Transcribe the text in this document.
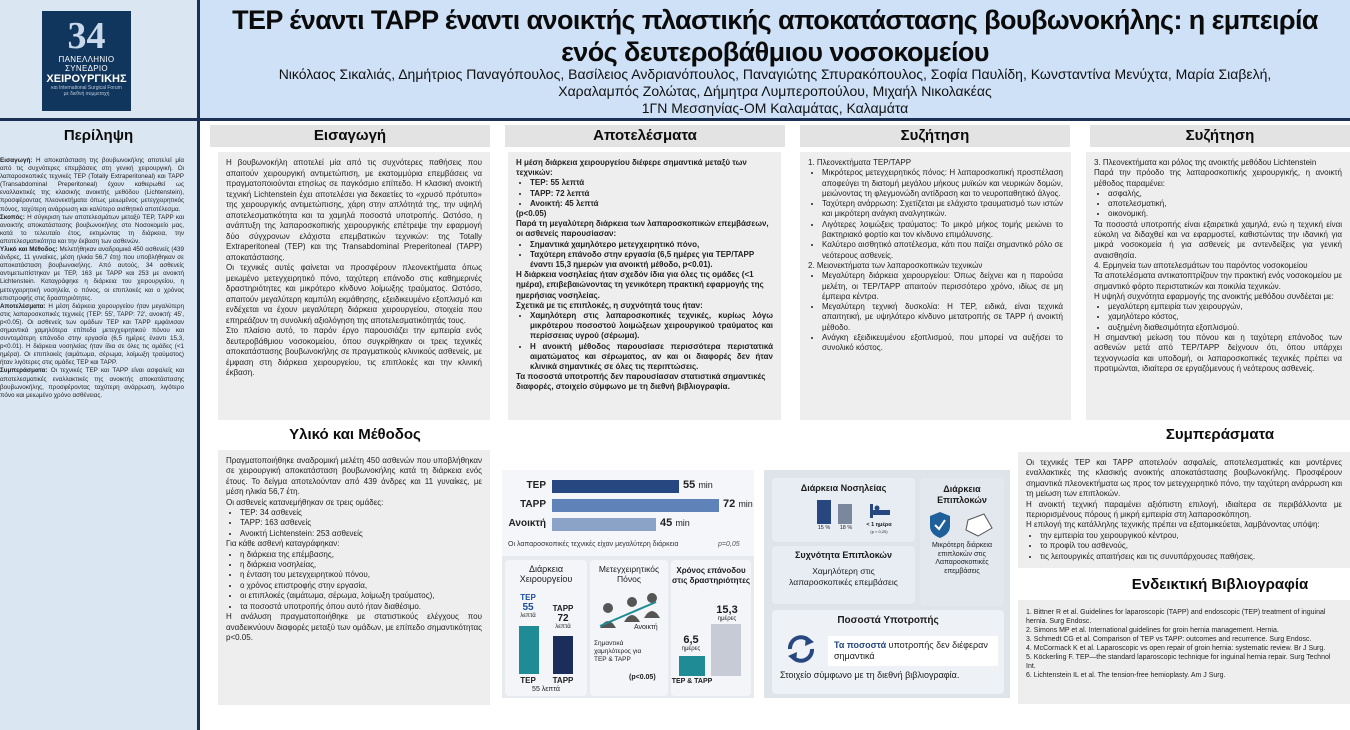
34
ΠΑΝΕΛΛΗΝΙΟ
ΣΥΝΕΔΡΙΟ
ΧΕΙΡΟΥΡΓΙΚΗΣ
και International Surgical Forum
με διεθνή συμμετοχή
TEP έναντι TAPP έναντι ανοικτής πλαστικής αποκατάστασης βουβωνοκήλης: η εμπειρία
ενός δευτεροβάθμιου νοσοκομείου
Νικόλαος Σικαλιάς, Δημήτριος Παναγόπουλος, Βασίλειος Ανδριανόπουλος, Παναγιώτης Σπυρακόπουλος, Σοφία Παυλίδη, Κωνσταντίνα Μενύχτα, Μαρία Σιαβελή,
Χαραλαμπός Ζολώτας, Δήμητρα Λυμπεροπούλου, Μιχαήλ Νικολακέας
1ΓΝ Μεσσηνίας-ΟΜ Καλαμάτας, Καλαμάτα
Περίληψη

Εισαγωγή: Η αποκατάσταση της βουβωνοκήλης αποτελεί μία από τις συχνότερες επεμβάσεις στη γενική χειρουργική. Οι λαπαροσκοπικές τεχνικές TEP (Totally Extraperitoneal) και TAPP (Transabdominal Preperitoneal) έχουν καθιερωθεί ως εναλλακτικές της κλασικής ανοικτής μεθόδου (Lichtenstein), προσφέροντας πλεονεκτήματα όπως μειωμένος μετεγχειρητικός πόνος, ταχύτερη ανάρρωση και καλύτερο αισθητικό αποτέλεσμα.

Σκοπός: Η σύγκριση των αποτελεσμάτων μεταξύ TEP, TAPP και ανοικτής αποκατάστασης βουβωνοκήλης στο Νοσοκομείο μας, κατά το τελευταίο έτος, εκτιμώντας τη διάρκεια, την αποτελεσματικότητα και την έκβαση των ασθενών.

Υλικό και Μέθοδος: Μελετήθηκαν αναδρομικά 450 ασθενείς (439 άνδρες, 11 γυναίκες, μέση ηλικία 56,7 έτη) που υποβλήθηκαν σε αποκατάσταση βουβωνοκήλης. Από αυτούς, 34 ασθενείς αντιμετωπίστηκαν με TEP, 163 με TAPP και 253 με ανοικτή Lichtenstein. Καταγράφηκε η διάρκεια του χειρουργείου, η μετεγχειρητική νοσηλεία, ο πόνος, οι επιπλοκές και ο χρόνος επιστροφής στις δραστηριότητες.

Αποτελέσματα: Η μέση διάρκεια χειρουργείου ήταν μεγαλύτερη στις λαπαροσκοπικές τεχνικές (TEP: 55', TAPP: 72', ανοικτή: 45', p<0.05). Οι ασθενείς των ομάδων TEP και TAPP εμφάνισαν σημαντικά χαμηλότερα επίπεδα μετεγχειρητικού πόνου και συντομότερη επάνοδο στην εργασία (6,5 ημέρες έναντι 15,3, p<0.01). Η διάρκεια νοσηλείας ήταν ίδια σε όλες τις ομάδες (<1 ημέρα). Οι επιπλοκές (αιμάτωμα, σέρωμα, λοίμωξη τραύματος) ήταν λιγότερες στις ομάδες TEP και TAPP.

Συμπεράσματα: Οι τεχνικές TEP και TAPP είναι ασφαλείς και αποτελεσματικές εναλλακτικές της ανοικτής αποκατάστασης βουβωνοκήλης, προσφέροντας ταχύτερη ανάρρωση, λιγότερο πόνο και μειωμένο χρόνο ασθένειας.

Εισαγωγή	Αποτελέσματα	Συζήτηση	Συζήτηση

Η βουβωνοκήλη αποτελεί μία από τις συχνότερες παθήσεις που απαιτούν χειρουργική αντιμετώπιση, με εκατομμύρια επεμβάσεις να πραγματοποιούνται ετησίως σε παγκόσμιο επίπεδο. Η κλασική ανοικτή τεχνική Lichtenstein έχει αποτελέσει για δεκαετίες το «χρυσό πρότυπο» της χειρουργικής αντιμετώπισης, χάρη στην απλότητά της, την υψηλή αποτελεσματικότητα και τα χαμηλά ποσοστά υποτροπής. Ωστόσο, η ανάπτυξη της λαπαροσκοπικής χειρουργικής επέτρεψε την εφαρμογή δύο σύγχρονων ελάχιστα επεμβατικών τεχνικών: της Totally Extraperitoneal (TEP) και της Transabdominal Preperitoneal (TAPP) αποκατάστασης.

Οι τεχνικές αυτές φαίνεται να προσφέρουν πλεονεκτήματα όπως μειωμένο μετεγχειρητικό πόνο, ταχύτερη επάνοδο στις καθημερινές δραστηριότητες και μικρότερο κίνδυνο λοίμωξης τραύματος. Ωστόσο, απαιτούν μεγαλύτερη καμπύλη εκμάθησης, εξειδικευμένο εξοπλισμό και ενδέχεται να έχουν μεγαλύτερη διάρκεια χειρουργείου, στοιχεία που επηρεάζουν τη συνολική αξιολόγηση της αποτελεσματικότητάς τους.

Στο πλαίσιο αυτό, το παρόν έργο παρουσιάζει την εμπειρία ενός δευτεροβάθμιου νοσοκομείου, όπου συγκρίθηκαν οι τρεις τεχνικές αποκατάστασης βουβωνοκήλης σε πραγματικούς κλινικούς ασθενείς, με έμφαση στη διάρκεια χειρουργείου, τις επιπλοκές και την κλινική έκβαση.

Η μέση διάρκεια χειρουργείου διέφερε σημαντικά μεταξύ των τεχνικών:

• TEP: 55 λεπτά
• TAPP: 72 λεπτά
• Ανοικτή: 45 λεπτά

(p<0.05)

Παρά τη μεγαλύτερη διάρκεια των λαπαροσκοπικών επεμβάσεων, οι ασθενείς παρουσίασαν:

• Σημαντικά χαμηλότερο μετεγχειρητικό πόνο,
• Ταχύτερη επάνοδο στην εργασία (6,5 ημέρες για TEP/TAPP έναντι 15,3 ημερών για ανοικτή μέθοδο, p<0.01).

Η διάρκεια νοσηλείας ήταν σχεδόν ίδια για όλες τις ομάδες (<1 ημέρα), επιβεβαιώνοντας τη γενικότερη πρακτική εφαρμογής της ημερήσιας νοσηλείας.

Σχετικά με τις επιπλοκές, η συχνότητά τους ήταν:

• Χαμηλότερη στις λαπαροσκοπικές τεχνικές, κυρίως λόγω μικρότερου ποσοστού λοιμώξεων χειρουργικού τραύματος και περίσσειας υγρού (σέρωμα).
• Η ανοικτή μέθοδος παρουσίασε περισσότερα περιστατικά αιματώματος και σέρωματος, αν και οι διαφορές δεν ήταν κλινικά σημαντικές σε όλες τις περιπτώσεις.

Τα ποσοστά υποτροπής δεν παρουσίασαν στατιστικά σημαντικές διαφορές, στοιχείο σύμφωνο με τη διεθνή βιβλιογραφία.

1. Πλεονεκτήματα TEP/TAPP

• Μικρότερος μετεγχειρητικός πόνος: Η λαπαροσκοπική προσπέλαση αποφεύγει τη διατομή μεγάλου μήκους μυϊκών και νευρικών δομών, μειώνοντας τη φλεγμονώδη αντίδραση και το νευροπαθητικό άλγος.
• Ταχύτερη ανάρρωση: Σχετίζεται με ελάχιστο τραυματισμό των ιστών και μικρότερη ανάγκη αναλγητικών.
• Λιγότερες λοιμώξεις τραύματος: Το μικρό μήκος τομής μειώνει το βακτηριακό φορτίο και τον κίνδυνο επιμόλυνσης.
• Καλύτερο αισθητικό αποτέλεσμα, κάτι που παίζει σημαντικό ρόλο σε νεότερους ασθενείς.

2. Μειονεκτήματα των λαπαροσκοπικών τεχνικών

• Μεγαλύτερη διάρκεια χειρουργείου: Όπως δείχνει και η παρούσα μελέτη, οι TEP/TAPP απαιτούν περισσότερο χρόνο, ιδίως σε μη έμπειρα κέντρα.
• Μεγαλύτερη τεχνική δυσκολία: Η TEP, ειδικά, είναι τεχνικά απαιτητική, με υψηλότερο κίνδυνο μετατροπής σε TAPP ή ανοικτή μέθοδο.
• Ανάγκη εξειδικευμένου εξοπλισμού, που μπορεί να αυξήσει το συνολικό κόστος.

3. Πλεονεκτήματα και ρόλος της ανοικτής μεθόδου Lichtenstein

Παρά την πρόοδο της λαπαροσκοπικής χειρουργικής, η ανοικτή μέθοδος παραμένει:

• ασφαλής,
• αποτελεσματική,
• οικονομική.

Τα ποσοστά υποτροπής είναι εξαιρετικά χαμηλά, ενώ η τεχνική είναι εύκολη να διδαχθεί και να εφαρμοστεί, καθιστώντας την ιδανική για μικρά νοσοκομεία ή για ασθενείς με αντενδείξεις για γενική αναισθησία.

4. Ερμηνεία των αποτελεσμάτων του παρόντος νοσοκομείου

Τα αποτελέσματα αντικατοπτρίζουν την πρακτική ενός νοσοκομείου με σημαντικό φόρτο περιστατικών και ποικιλία τεχνικών.

Η υψηλή συχνότητα εφαρμογής της ανοικτής μεθόδου συνδέεται με:

• μεγαλύτερη εμπειρία των χειρουργών,
• χαμηλότερο κόστος,
• αυξημένη διαθεσιμότητα εξοπλισμού.

Η σημαντική μείωση του πόνου και η ταχύτερη επάνοδος των ασθενών μετά από TEP/TAPP δείχνουν ότι, όπου υπάρχει τεχνογνωσία και υποδομή, οι λαπαροσκοπικές τεχνικές πρέπει να προτιμώνται, ιδιαίτερα σε εργαζόμενους ή νεότερους ασθενείς.

Υλικό και Μέθοδος

Πραγματοποιήθηκε αναδρομική μελέτη 450 ασθενών που υποβλήθηκαν σε χειρουργική αποκατάσταση βουβωνοκήλης κατά τη διάρκεια ενός έτους. Το δείγμα αποτελούνταν από 439 άνδρες και 11 γυναίκες, με μέση ηλικία 56,7 έτη.

Οι ασθενείς κατανεμήθηκαν σε τρεις ομάδες:

• TEP: 34 ασθενείς
• TAPP: 163 ασθενείς
• Ανοικτή Lichtenstein: 253 ασθενείς

Για κάθε ασθενή καταγράφηκαν:

• η διάρκεια της επέμβασης,
• η διάρκεια νοσηλείας,
• η ένταση του μετεγχειρητικού πόνου,
• ο χρόνος επιστροφής στην εργασία,
• οι επιπλοκές (αιμάτωμα, σέρωμα, λοίμωξη τραύματος),
• τα ποσοστά υποτροπής όπου αυτό ήταν διαθέσιμο.

Η ανάλυση πραγματοποιήθηκε με στατιστικούς ελέγχους που αναδεικνύουν διαφορές μεταξύ των ομάδων, με επίπεδο σημαντικότητας p<0.05.

TEP	55 min
TAPP	72 min
Ανοικτή	45 min
Οι λαπαροσκοπικές τεχνικές είχαν μεγαλύτερη διάρκεια	p=0,05
Διάρκεια Χειρουργείου
TEP
55
λεπτά
TAPP
72
λεπτά
TEP	TAPP
55 λεπτά
Μετεγχειρητικός Πόνος
Ανοικτή
Σημαντικά χαμηλότερος για TEP & TAPP
Χρόνος επάνοδου στις δραστηριότητες
15,3
ημέρες
6,5
ημέρες
TEP & TAPP
(p<0.05)
Διάρκεια Νοσηλείας
15 %	18 %	< 1 ημέρα
(p > 0,20)
Διάρκεια Επιπλοκών
Μικρότερη διάρκεια επιπλοκών στις Λαπαροσκοπικές επεμβάσεις
Συχνότητα Επιπλοκών
Χαμηλότερη στις λαπαροσκοπικές επεμβάσεις
Ποσοστά Υποτροπής
Τα ποσοστά υποτροπής δεν διέφεραν σημαντικά
Στοιχείο σύμφωνο με τη διεθνή βιβλιογραφία.
Συμπεράσματα

Οι τεχνικές TEP και TAPP αποτελούν ασφαλείς, αποτελεσματικές και μοντέρνες εναλλακτικές της κλασικής ανοικτής αποκατάστασης βουβωνοκήλης. Προσφέρουν σημαντικά πλεονεκτήματα ως προς τον μετεγχειρητικό πόνο, την ταχύτερη ανάρρωση και τη μείωση των επιπλοκών.

Η ανοικτή τεχνική παραμένει αξιόπιστη επιλογή, ιδιαίτερα σε περιβάλλοντα με περιορισμένους πόρους ή μικρή εμπειρία στη λαπαροσκόπηση.

Η επιλογή της κατάλληλης τεχνικής πρέπει να εξατομικεύεται, λαμβάνοντας υπόψη:

• την εμπειρία του χειρουργικού κέντρου,
• το προφίλ του ασθενούς,
• τις λειτουργικές απαιτήσεις και τις συνυπάρχουσες παθήσεις.
Ενδεικτική Βιβλιογραφία

1. Bittner R et al. Guidelines for laparoscopic (TAPP) and endoscopic (TEP) treatment of inguinal hernia. Surg Endosc.

2. Simons MP et al. International guidelines for groin hernia management. Hernia.

3. Schmedt CG et al. Comparison of TEP vs TAPP: outcomes and recurrence. Surg Endosc.

4. McCormack K et al. Laparoscopic vs open repair of groin hernia: systematic review. Br J Surg.

5. Köckerling F. TEP—the standard laparoscopic technique for inguinal hernia repair. Surg Technol Int.

6. Lichtenstein IL et al. The tension-free hemioplasty. Am J Surg.
